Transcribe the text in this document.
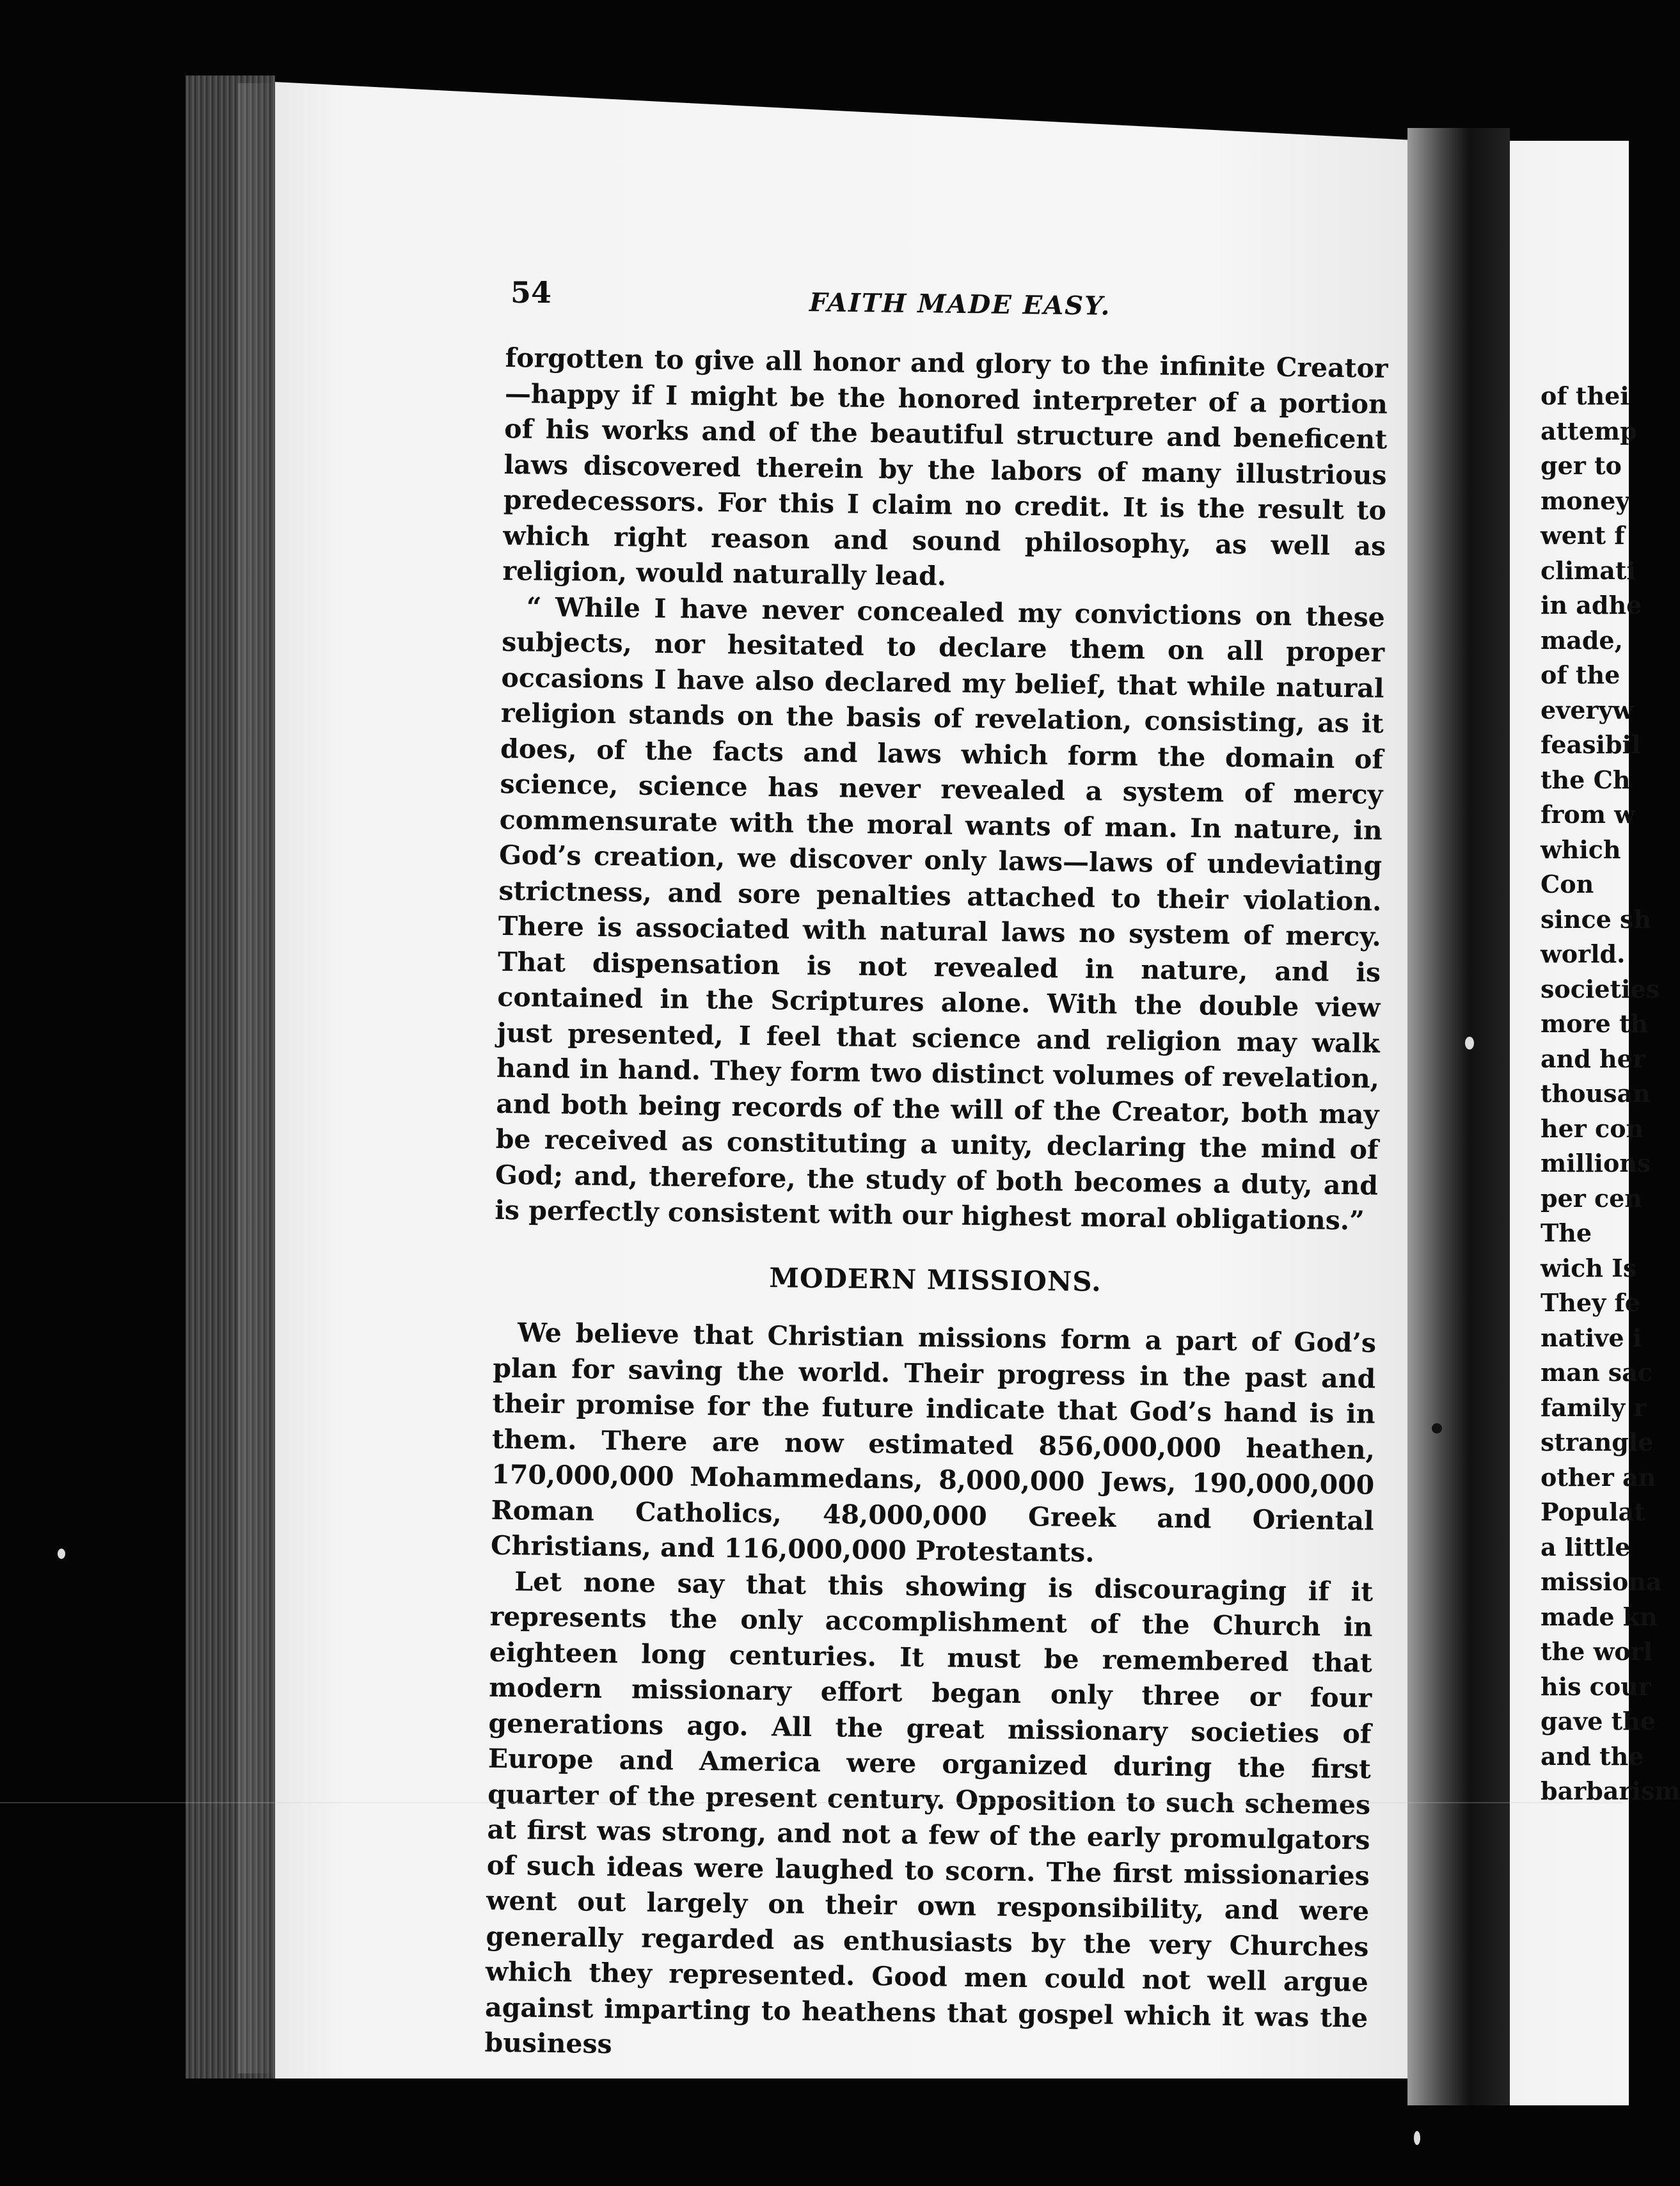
of thei
attemp
ger to
money
went f
climati
in adhe
made,
of the
everyw
feasibil
the Ch
from w
which
Con
since sh
world.
societies
more th
and her
thousan
her con
millions
per cen
The
wich Is
They fe
native i
man sac
family r
strangle
other an
Populat
a little
missiona
made kn
the worl
his cour
gave the
and the
barbarism
54	FAITH MADE EASY.

forgotten to give all honor and glory to the infinite Creator—happy if I might be the honored interpreter of a portion of his works and of the beautiful structure and beneficent laws discovered therein by the labors of many illustrious predecessors. For this I claim no credit. It is the result to which right reason and sound philosophy, as well as religion, would naturally lead.

“ While I have never concealed my convictions on these subjects, nor hesitated to declare them on all proper occasions I have also declared my belief, that while natural religion stands on the basis of revelation, consisting, as it does, of the facts and laws which form the domain of science, science has never revealed a system of mercy commensurate with the moral wants of man. In nature, in God’s creation, we discover only laws—laws of undeviating strictness, and sore penalties attached to their violation. There is associated with natural laws no system of mercy. That dispensation is not revealed in nature, and is contained in the Scriptures alone. With the double view just presented, I feel that science and religion may walk hand in hand. They form two distinct volumes of revelation, and both being records of the will of the Creator, both may be received as constituting a unity, declaring the mind of God; and, therefore, the study of both becomes a duty, and is perfectly consistent with our highest moral obligations.”

MODERN MISSIONS.

We believe that Christian missions form a part of God’s plan for saving the world. Their progress in the past and their promise for the future indicate that God’s hand is in them. There are now estimated 856,000,000 heathen, 170,000,000 Mohammedans, 8,000,000 Jews, 190,000,000 Roman Catholics, 48,000,000 Greek and Oriental Christians, and 116,000,000 Protestants.

Let none say that this showing is discouraging if it represents the only accomplishment of the Church in eighteen long centuries. It must be remembered that modern missionary effort began only three or four generations ago. All the great missionary societies of Europe and America were organized during the first quarter of the present century. Opposition to such schemes at first was strong, and not a few of the early promulgators of such ideas were laughed to scorn. The first missionaries went out largely on their own responsibility, and were generally regarded as enthusiasts by the very Churches which they represented. Good men could not well argue against imparting to heathens that gospel which it was the business
